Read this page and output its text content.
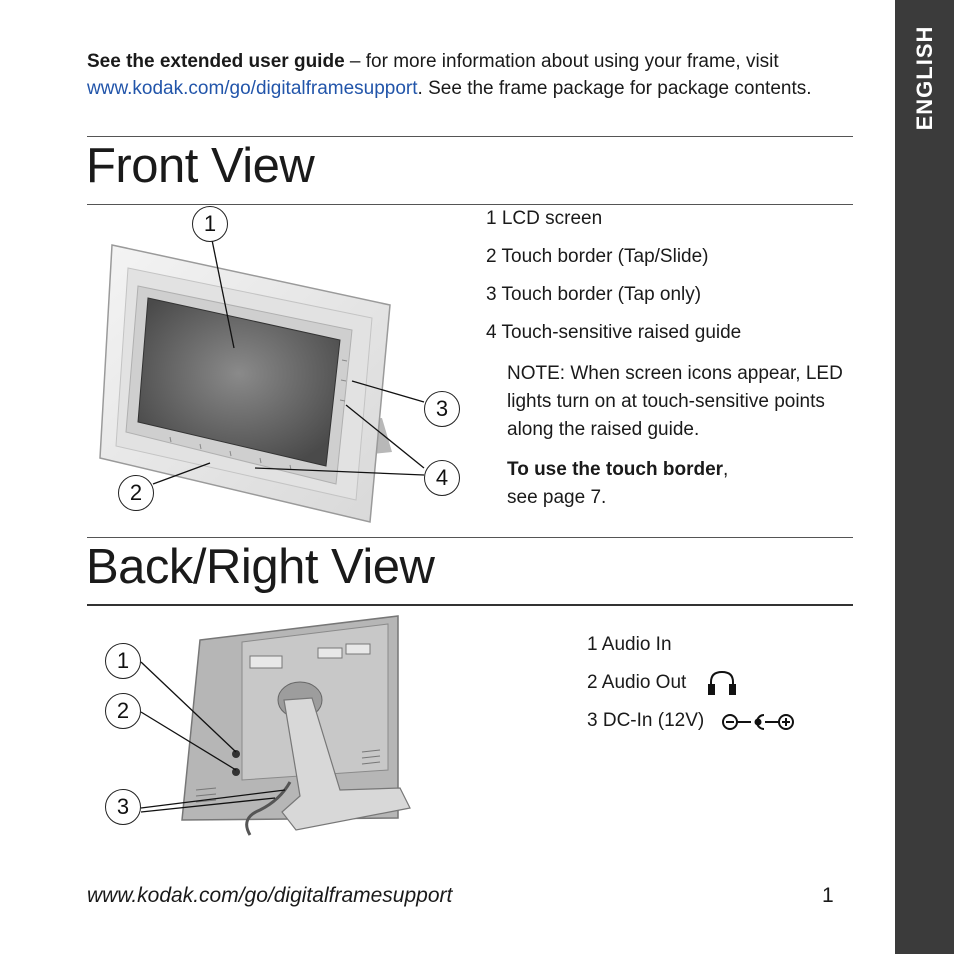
ENGLISH
See the extended user guide – for more information about using your frame, visit
www.kodak.com/go/digitalframesupport. See the frame package for package contents.
Front View
1
2
3
4
1 LCD screen
2 Touch border (Tap/Slide)
3 Touch border (Tap only)
4 Touch-sensitive raised guide
NOTE: When screen icons appear, LED lights turn on at touch-sensitive points along the raised guide.
To use the touch border,
see page 7.
Back/Right View
1
2
3
1 Audio In
2 Audio Out
3 DC-In (12V)
www.kodak.com/go/digitalframesupport	1
